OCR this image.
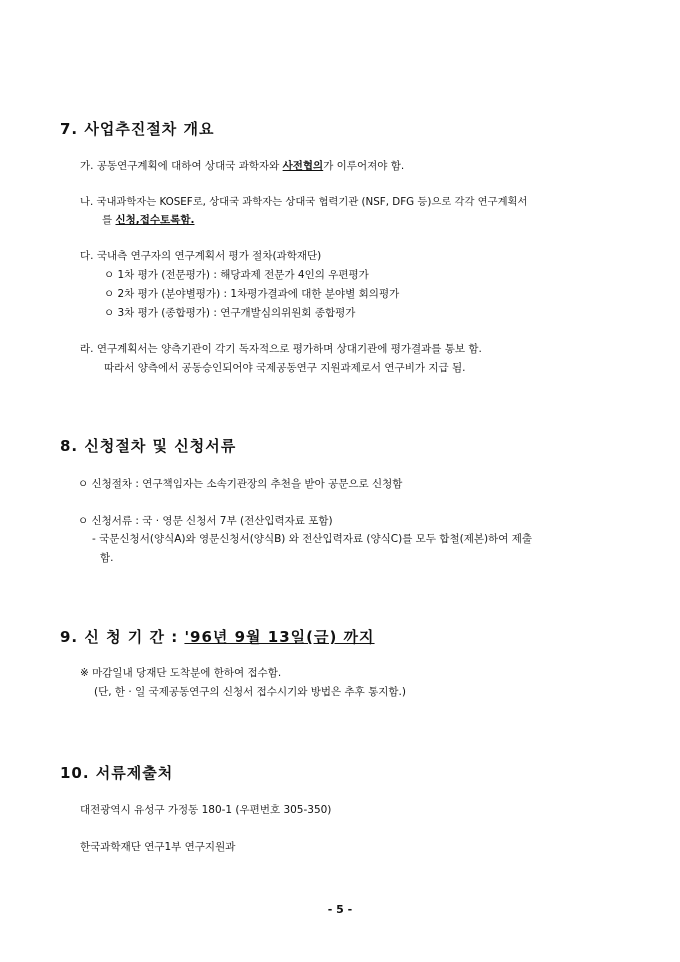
7. 사업추진절차 개요
가. 공동연구계획에 대하여 상대국 과학자와 사전협의가 이루어져야 함.
나. 국내과학자는 KOSEF로, 상대국 과학자는 상대국 협력기관 (NSF, DFG 등)으로 각각 연구계획서
를 신청,접수토록함.
다. 국내측 연구자의 연구계획서 평가 절차(과학재단)
ㅇ 1차 평가 (전문평가) : 해당과제 전문가 4인의 우편평가
ㅇ 2차 평가 (분야별평가) : 1차평가결과에 대한 분야별 회의평가
ㅇ 3차 평가 (종합평가) : 연구개발심의위원회 종합평가
라. 연구계획서는 양측기관이 각기 독자적으로 평가하며 상대기관에 평가결과를 통보 함.
따라서 양측에서 공동승인되어야 국제공동연구 지원과제로서 연구비가 지급 됨.
8. 신청절차 및 신청서류
ㅇ 신청절차 : 연구책임자는 소속기관장의 추천을 받아 공문으로 신청함
ㅇ 신청서류 : 국 · 영문 신청서 7부 (전산입력자료 포함)
- 국문신청서(양식A)와 영문신청서(양식B) 와 전산입력자료 (양식C)를 모두 합철(제본)하여 제출
함.
9. 신 청 기 간 : '96년 9월 13일(금) 까지
※ 마감일내 당재단 도착분에 한하여 접수함.
(단, 한 · 일 국제공동연구의 신청서 접수시기와 방법은 추후 통지함.)
10. 서류제출처
대전광역시 유성구 가정동 180-1 (우편번호 305-350)
한국과학재단 연구1부 연구지원과
- 5 -
